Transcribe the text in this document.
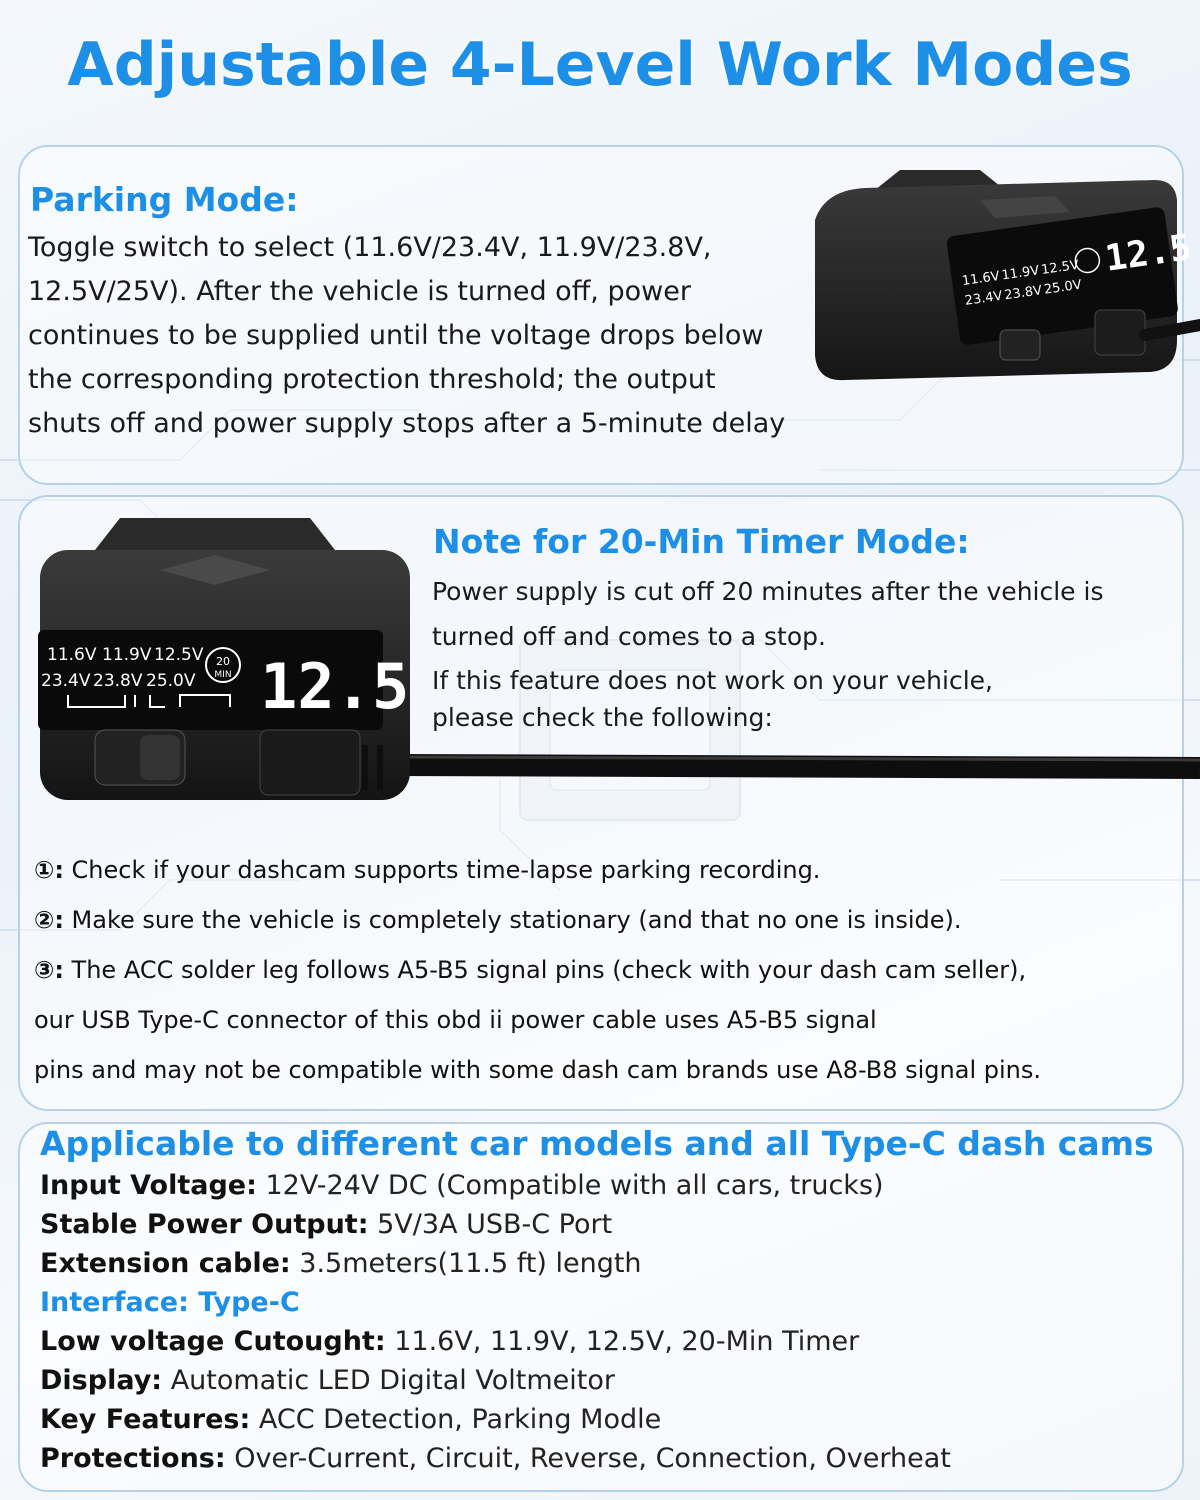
Adjustable 4-Level Work Modes
Parking Mode:
Toggle switch to select (11.6V/23.4V, 11.9V/23.8V,
12.5V/25V). After the vehicle is turned off, power
continues to be supplied until the voltage drops below
the corresponding protection threshold; the output
shuts off and power supply stops after a 5-minute delay
11.6V 11.9V 12.5V
23.4V 23.8V 25.0V
12.5
11.6V 11.9V 12.5V
23.4V 23.8V 25.0V
20
MIN 12.5
Note for 20-Min Timer Mode:
Power supply is cut off 20 minutes after the vehicle is
turned off and comes to a stop.
If this feature does not work on your vehicle,
please check the following:
①: Check if your dashcam supports time-lapse parking recording.
②: Make sure the vehicle is completely stationary (and that no one is inside).
③: The ACC solder leg follows A5-B5 signal pins (check with your dash cam seller),
our USB Type-C connector of this obd ii power cable uses A5-B5 signal
pins and may not be compatible with some dash cam brands use A8-B8 signal pins.
Applicable to different car models and all Type-C dash cams
Input Voltage: 12V-24V DC (Compatible with all cars, trucks)
Stable Power Output: 5V/3A USB-C Port
Extension cable: 3.5meters(11.5 ft) length
Interface: Type-C
Low voltage Cutought: 11.6V, 11.9V, 12.5V, 20-Min Timer
Display: Automatic LED Digital Voltmeitor
Key Features: ACC Detection, Parking Modle
Protections: Over-Current, Circuit, Reverse, Connection, Overheat
